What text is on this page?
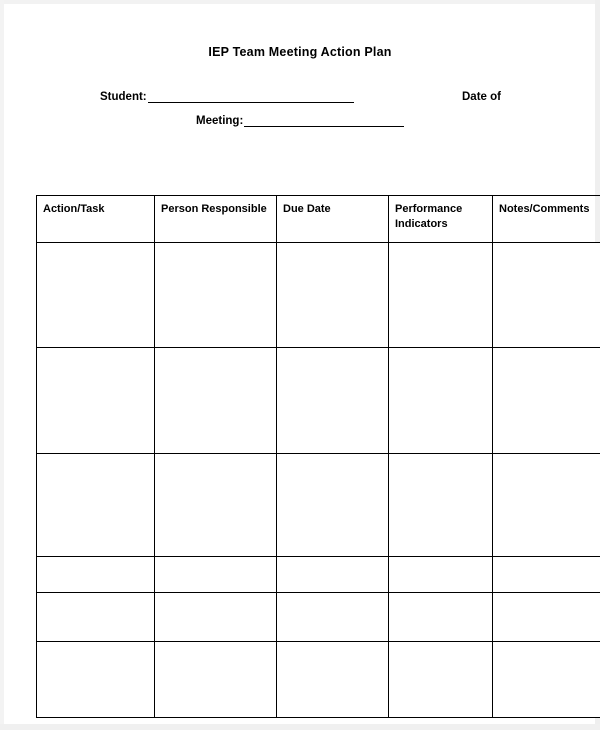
IEP Team Meeting Action Plan
Student:	Date of
Meeting:
Action/Task	Person Responsible	Due Date	Performance Indicators	Notes/Comments
